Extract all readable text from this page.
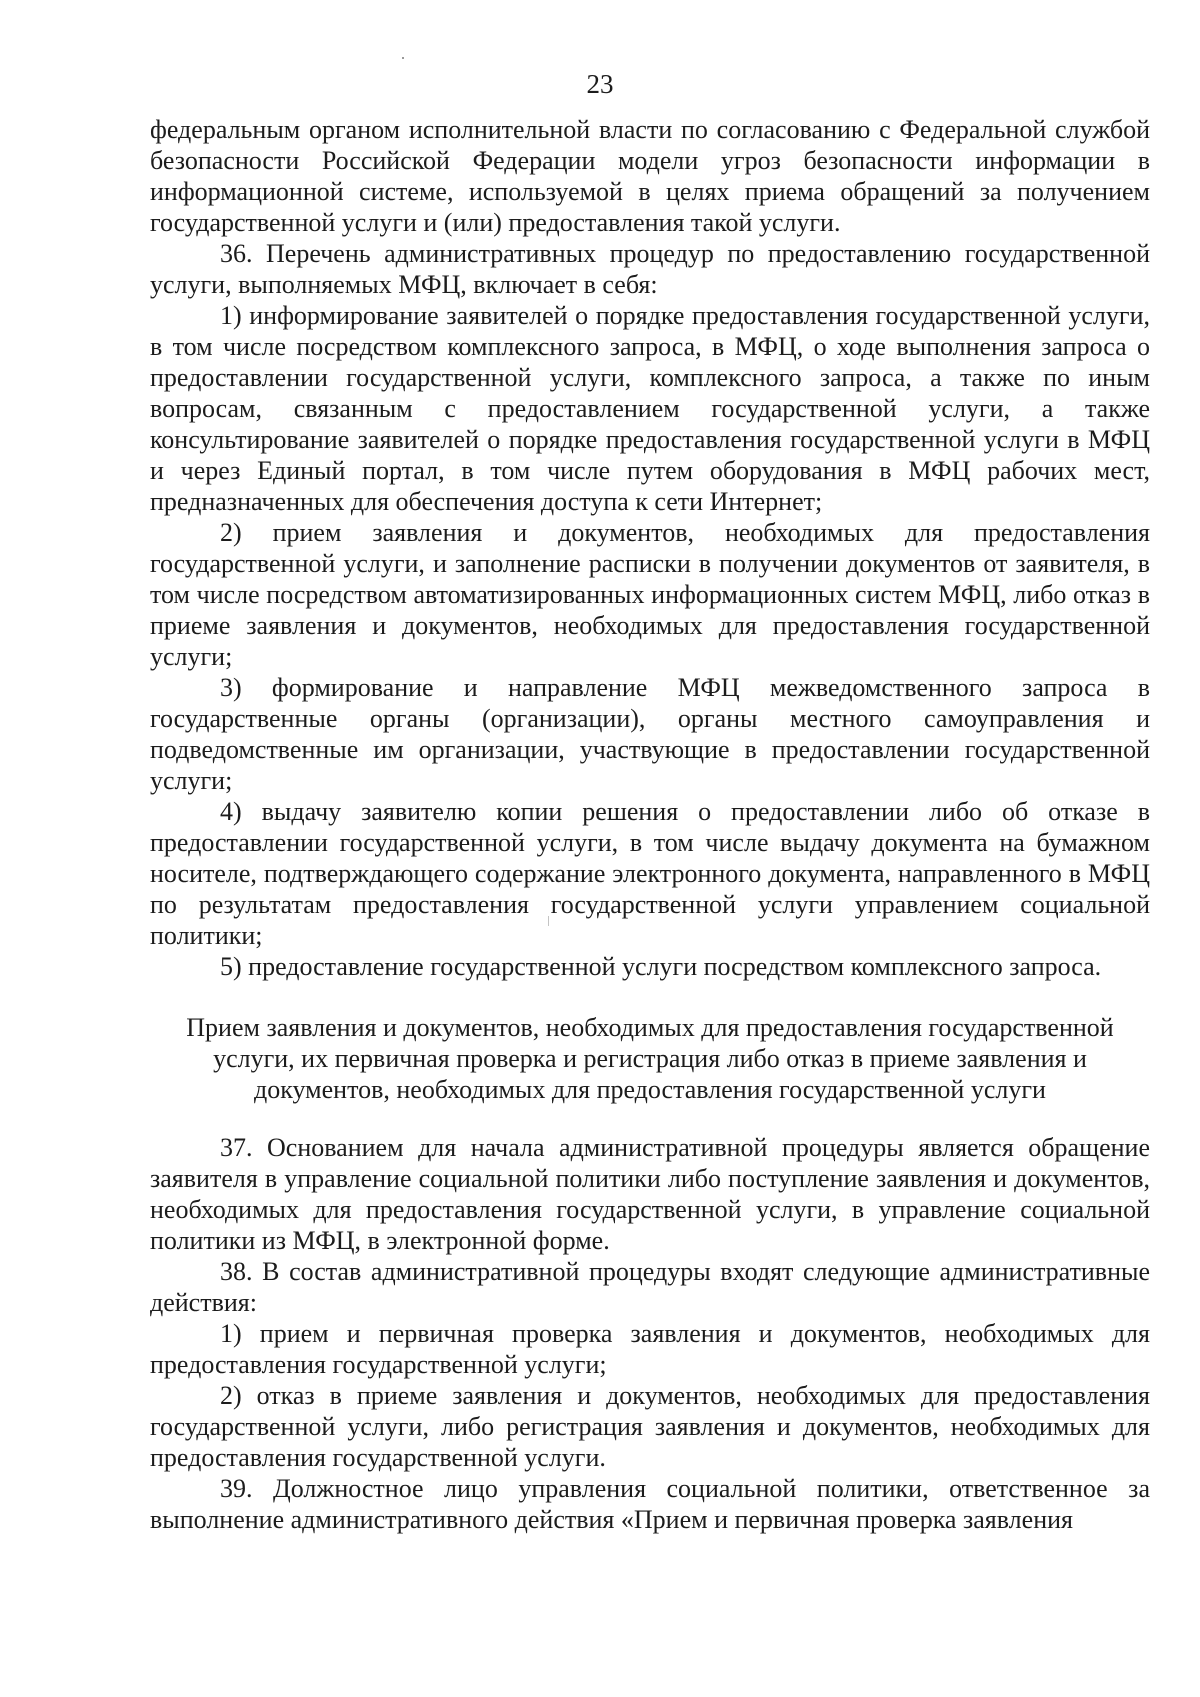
23

федеральным органом исполнительной власти по согласованию с Федеральной службой безопасности Российской Федерации модели угроз безопасности информации в информационной системе, используемой в целях приема обращений за получением государственной услуги и (или) предоставления такой услуги.

36. Перечень административных процедур по предоставлению государственной услуги, выполняемых МФЦ, включает в себя:

1) информирование заявителей о порядке предоставления государственной услуги, в том числе посредством комплексного запроса, в МФЦ, о ходе выполнения запроса о предоставлении государственной услуги, комплексного запроса, а также по иным вопросам, связанным с предоставлением государственной услуги, а также консультирование заявителей о порядке предоставления государственной услуги в МФЦ и через Единый портал, в том числе путем оборудования в МФЦ рабочих мест, предназначенных для обеспечения доступа к сети Интернет;

2) прием заявления и документов, необходимых для предоставления государственной услуги, и заполнение расписки в получении документов от заявителя, в том числе посредством автоматизированных информационных систем МФЦ, либо отказ в приеме заявления и документов, необходимых для предоставления государственной услуги;

3) формирование и направление МФЦ межведомственного запроса в государственные органы (организации), органы местного самоуправления и подведомственные им организации, участвующие в предоставлении государственной услуги;

4) выдачу заявителю копии решения о предоставлении либо об отказе в предоставлении государственной услуги, в том числе выдачу документа на бумажном носителе, подтверждающего содержание электронного документа, направленного в МФЦ по результатам предоставления государственной услуги управлением социальной политики;

5) предоставление государственной услуги посредством комплексного запроса.

Прием заявления и документов, необходимых для предоставления государственной
услуги, их первичная проверка и регистрация либо отказ в приеме заявления и
документов, необходимых для предоставления государственной услуги

37. Основанием для начала административной процедуры является обращение заявителя в управление социальной политики либо поступление заявления и документов, необходимых для предоставления государственной услуги, в управление социальной политики из МФЦ, в электронной форме.

38. В состав административной процедуры входят следующие административные действия:

1) прием и первичная проверка заявления и документов, необходимых для предоставления государственной услуги;

2) отказ в приеме заявления и документов, необходимых для предоставления государственной услуги, либо регистрация заявления и документов, необходимых для предоставления государственной услуги.

39. Должностное лицо управления социальной политики, ответственное за выполнение административного действия «Прием и первичная проверка заявления
